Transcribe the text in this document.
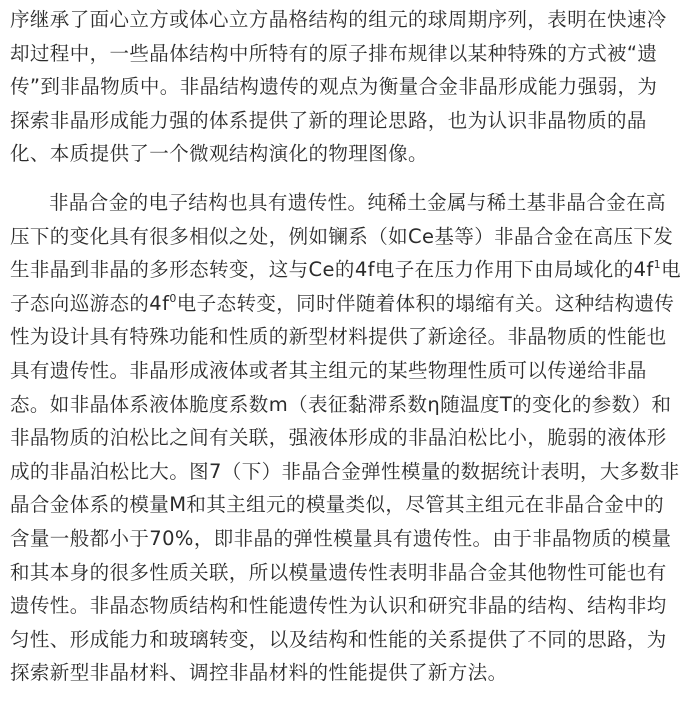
序继承了面心立方或体心立方晶格结构的组元的球周期序列，表明在快速冷
却过程中，一些晶体结构中所特有的原子排布规律以某种特殊的方式被“遗
传”到非晶物质中。非晶结构遗传的观点为衡量合金非晶形成能力强弱，为
探索非晶形成能力强的体系提供了新的理论思路，也为认识非晶物质的晶
化、本质提供了一个微观结构演化的物理图像。
非晶合金的电子结构也具有遗传性。纯稀土金属与稀土基非晶合金在高
压下的变化具有很多相似之处，例如镧系（如Ce基等）非晶合金在高压下发
生非晶到非晶的多形态转变，这与Ce的4f电子在压力作用下由局域化的$4f^1$电
子态向巡游态的$4f^0$电子态转变，同时伴随着体积的塌缩有关。这种结构遗传
性为设计具有特殊功能和性质的新型材料提供了新途径。非晶物质的性能也
具有遗传性。非晶形成液体或者其主组元的某些物理性质可以传递给非晶
态。如非晶体系液体脆度系数m（表征黏滞系数η随温度T的变化的参数）和
非晶物质的泊松比之间有关联，强液体形成的非晶泊松比小，脆弱的液体形
成的非晶泊松比大。图7（下）非晶合金弹性模量的数据统计表明，大多数非
晶合金体系的模量M和其主组元的模量类似，尽管其主组元在非晶合金中的
含量一般都小于70%，即非晶的弹性模量具有遗传性。由于非晶物质的模量
和其本身的很多性质关联，所以模量遗传性表明非晶合金其他物性可能也有
遗传性。非晶态物质结构和性能遗传性为认识和研究非晶的结构、结构非均
匀性、形成能力和玻璃转变，以及结构和性能的关系提供了不同的思路，为
探索新型非晶材料、调控非晶材料的性能提供了新方法。
